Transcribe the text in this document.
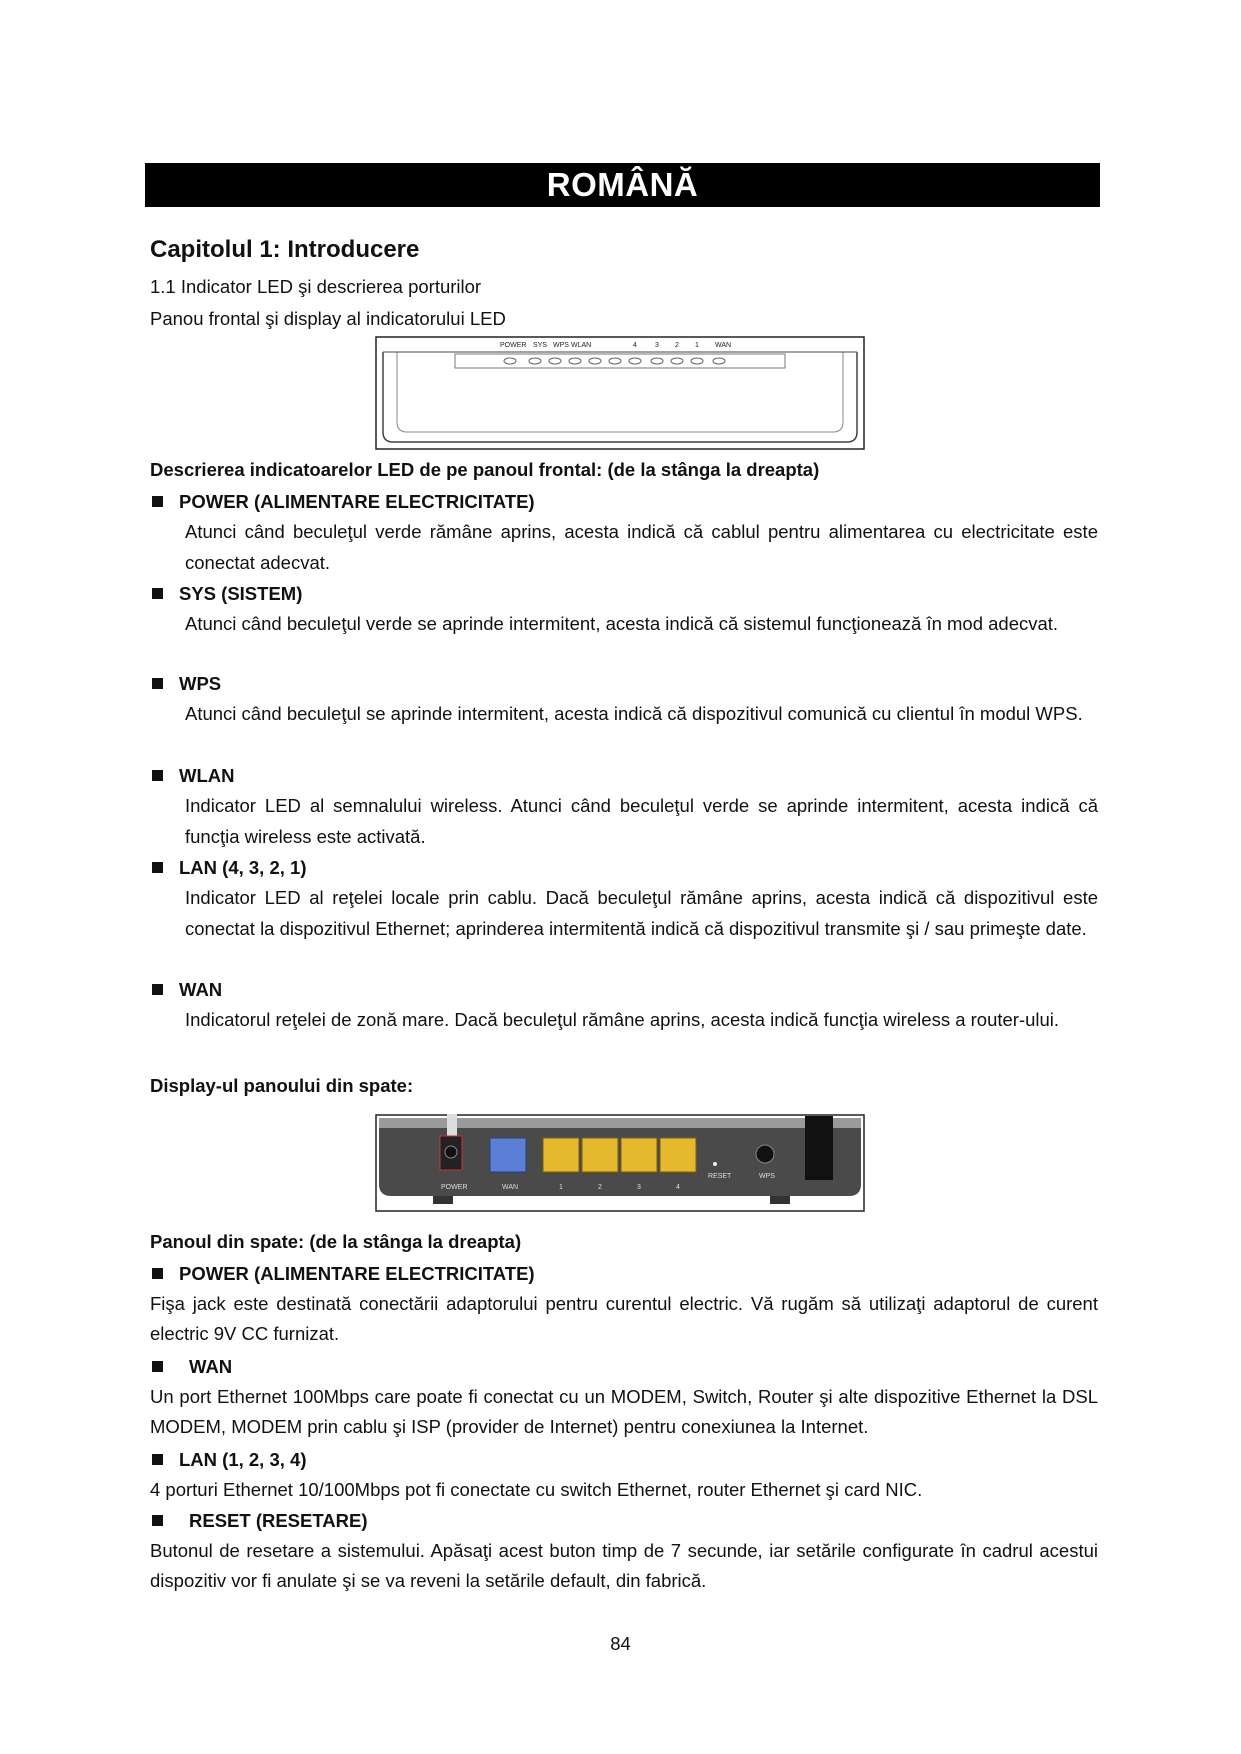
ROMÂNĂ
Capitolul 1: Introducere
1.1 Indicator LED şi descrierea porturilor
Panou frontal şi display al indicatorului LED
POWER SYS WPS WLAN	4	3 2 1 WAN
Descrierea indicatoarelor LED de pe panoul frontal: (de la stânga la dreapta)
POWER (ALIMENTARE ELECTRICITATE)
Atunci când beculeţul verde rămâne aprins, acesta indică că cablul pentru alimentarea cu electricitate este conectat adecvat.
SYS (SISTEM)
Atunci când beculeţul verde se aprinde intermitent, acesta indică că sistemul funcţionează în mod adecvat.
WPS
Atunci când beculeţul se aprinde intermitent, acesta indică că dispozitivul comunică cu clientul în modul WPS.
WLAN
Indicator LED al semnalului wireless. Atunci când beculeţul verde se aprinde intermitent, acesta indică că funcţia wireless este activată.
LAN (4, 3, 2, 1)
Indicator LED al reţelei locale prin cablu. Dacă beculeţul rămâne aprins, acesta indică că dispozitivul este conectat la dispozitivul Ethernet; aprinderea intermitentă indică că dispozitivul transmite şi / sau primeşte date.
WAN
Indicatorul reţelei de zonă mare. Dacă beculeţul rămâne aprins, acesta indică funcţia wireless a router-ului.
Display-ul panoului din spate:
POWER	WAN	1	2	3	4
RESET	WPS
Panoul din spate: (de la stânga la dreapta)
POWER (ALIMENTARE ELECTRICITATE)
Fişa jack este destinată conectării adaptorului pentru curentul electric. Vă rugăm să utilizaţi adaptorul de curent electric 9V CC furnizat.
WAN
Un port Ethernet 100Mbps care poate fi conectat cu un MODEM, Switch, Router şi alte dispozitive Ethernet la DSL MODEM, MODEM prin cablu şi ISP (provider de Internet) pentru conexiunea la Internet.
LAN (1, 2, 3, 4)
4 porturi Ethernet 10/100Mbps pot fi conectate cu switch Ethernet, router Ethernet şi card NIC.
RESET (RESETARE)
Butonul de resetare a sistemului. Apăsaţi acest buton timp de 7 secunde, iar setările configurate în cadrul acestui dispozitiv vor fi anulate şi se va reveni la setările default, din fabrică.
84
